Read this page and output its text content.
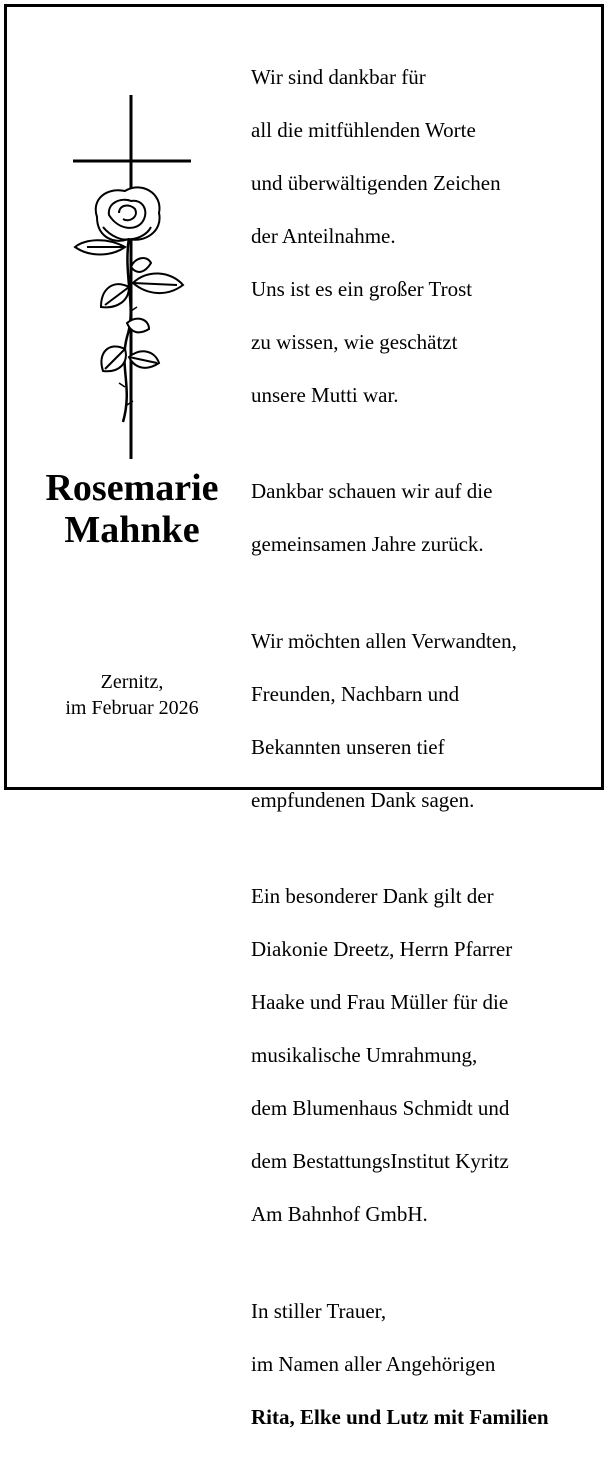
Rosemarie
Mahnke
Zernitz,
im Februar 2026

Wir sind dankbar für

all die mitfühlenden Worte

und überwältigenden Zeichen

der Anteilnahme.

Uns ist es ein großer Trost

zu wissen, wie geschätzt

unsere Mutti war.

Dankbar schauen wir auf die

gemeinsamen Jahre zurück.

Wir möchten allen Verwandten,

Freunden, Nachbarn und

Bekannten unseren tief

empfundenen Dank sagen.

Ein besonderer Dank gilt der

Diakonie Dreetz, Herrn Pfarrer

Haake und Frau Müller für die

musikalische Umrahmung,

dem Blumenhaus Schmidt und

dem BestattungsInstitut Kyritz

Am Bahnhof GmbH.

In stiller Trauer,

im Namen aller Angehörigen

Rita, Elke und Lutz mit Familien
